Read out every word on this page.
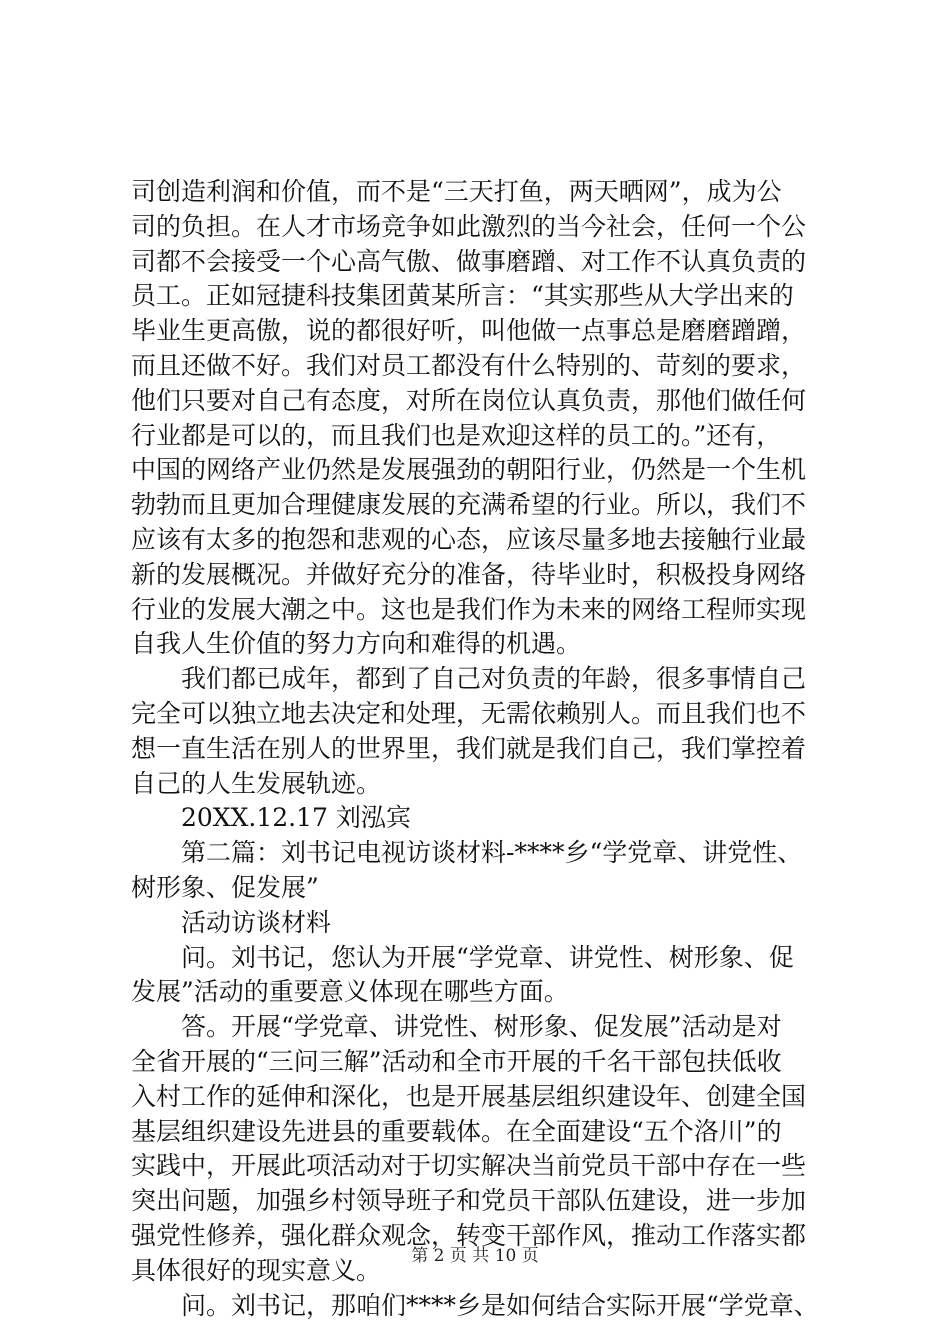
司创造利润和价值，而不是“三天打鱼，两天晒网”，成为公
司的负担。在人才市场竞争如此激烈的当今社会，任何一个公
司都不会接受一个心高气傲、做事磨蹭、对工作不认真负责的
员工。正如冠捷科技集团黄某所言：“其实那些从大学出来的
毕业生更高傲，说的都很好听，叫他做一点事总是磨磨蹭蹭，
而且还做不好。我们对员工都没有什么特别的、苛刻的要求，
他们只要对自己有态度，对所在岗位认真负责，那他们做任何
行业都是可以的，而且我们也是欢迎这样的员工的。”还有，
中国的网络产业仍然是发展强劲的朝阳行业，仍然是一个生机
勃勃而且更加合理健康发展的充满希望的行业。所以，我们不
应该有太多的抱怨和悲观的心态，应该尽量多地去接触行业最
新的发展概况。并做好充分的准备，待毕业时，积极投身网络
行业的发展大潮之中。这也是我们作为未来的网络工程师实现
自我人生价值的努力方向和难得的机遇。
我们都已成年，都到了自己对负责的年龄，很多事情自己
完全可以独立地去决定和处理，无需依赖别人。而且我们也不
想一直生活在别人的世界里，我们就是我们自己，我们掌控着
自己的人生发展轨迹。
20XX.12.17 刘泓宾
第二篇：刘书记电视访谈材料-****乡“学党章、讲党性、
树形象、促发展”
活动访谈材料
问。刘书记，您认为开展“学党章、讲党性、树形象、促
发展”活动的重要意义体现在哪些方面。
答。开展“学党章、讲党性、树形象、促发展”活动是对
全省开展的“三问三解”活动和全市开展的千名干部包扶低收
入村工作的延伸和深化，也是开展基层组织建设年、创建全国
基层组织建设先进县的重要载体。在全面建设“五个洛川”的
实践中，开展此项活动对于切实解决当前党员干部中存在一些
突出问题，加强乡村领导班子和党员干部队伍建设，进一步加
强党性修养，强化群众观念，转变干部作风，推动工作落实都
具体很好的现实意义。
问。刘书记，那咱们****乡是如何结合实际开展“学党章、
第 2 页 共 10 页
